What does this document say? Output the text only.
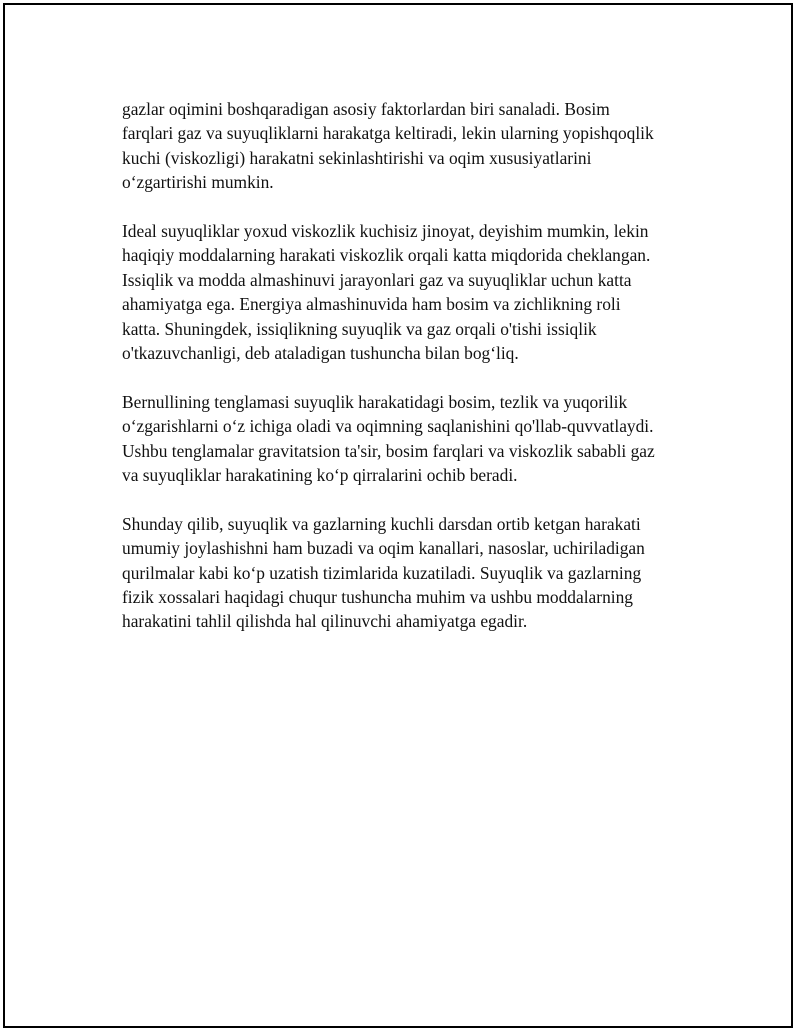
gazlar oqimini boshqaradigan asosiy faktorlardan biri sanaladi. Bosim
farqlari gaz va suyuqliklarni harakatga keltiradi, lekin ularning yopishqoqlik
kuchi (viskozligi) harakatni sekinlashtirishi va oqim xususiyatlarini
o‘zgartirishi mumkin.

Ideal suyuqliklar yoxud viskozlik kuchisiz jinoyat, deyishim mumkin, lekin
haqiqiy moddalarning harakati viskozlik orqali katta miqdorida cheklangan.
Issiqlik va modda almashinuvi jarayonlari gaz va suyuqliklar uchun katta
ahamiyatga ega. Energiya almashinuvida ham bosim va zichlikning roli
katta. Shuningdek, issiqlikning suyuqlik va gaz orqali o'tishi issiqlik
o'tkazuvchanligi, deb ataladigan tushuncha bilan bog‘liq.

Bernullining tenglamasi suyuqlik harakatidagi bosim, tezlik va yuqorilik
o‘zgarishlarni o‘z ichiga oladi va oqimning saqlanishini qo'llab-quvvatlaydi.
Ushbu tenglamalar gravitatsion ta'sir, bosim farqlari va viskozlik sababli gaz
va suyuqliklar harakatining ko‘p qirralarini ochib beradi.

Shunday qilib, suyuqlik va gazlarning kuchli darsdan ortib ketgan harakati
umumiy joylashishni ham buzadi va oqim kanallari, nasoslar, uchiriladigan
qurilmalar kabi ko‘p uzatish tizimlarida kuzatiladi. Suyuqlik va gazlarning
fizik xossalari haqidagi chuqur tushuncha muhim va ushbu moddalarning
harakatini tahlil qilishda hal qilinuvchi ahamiyatga egadir.
